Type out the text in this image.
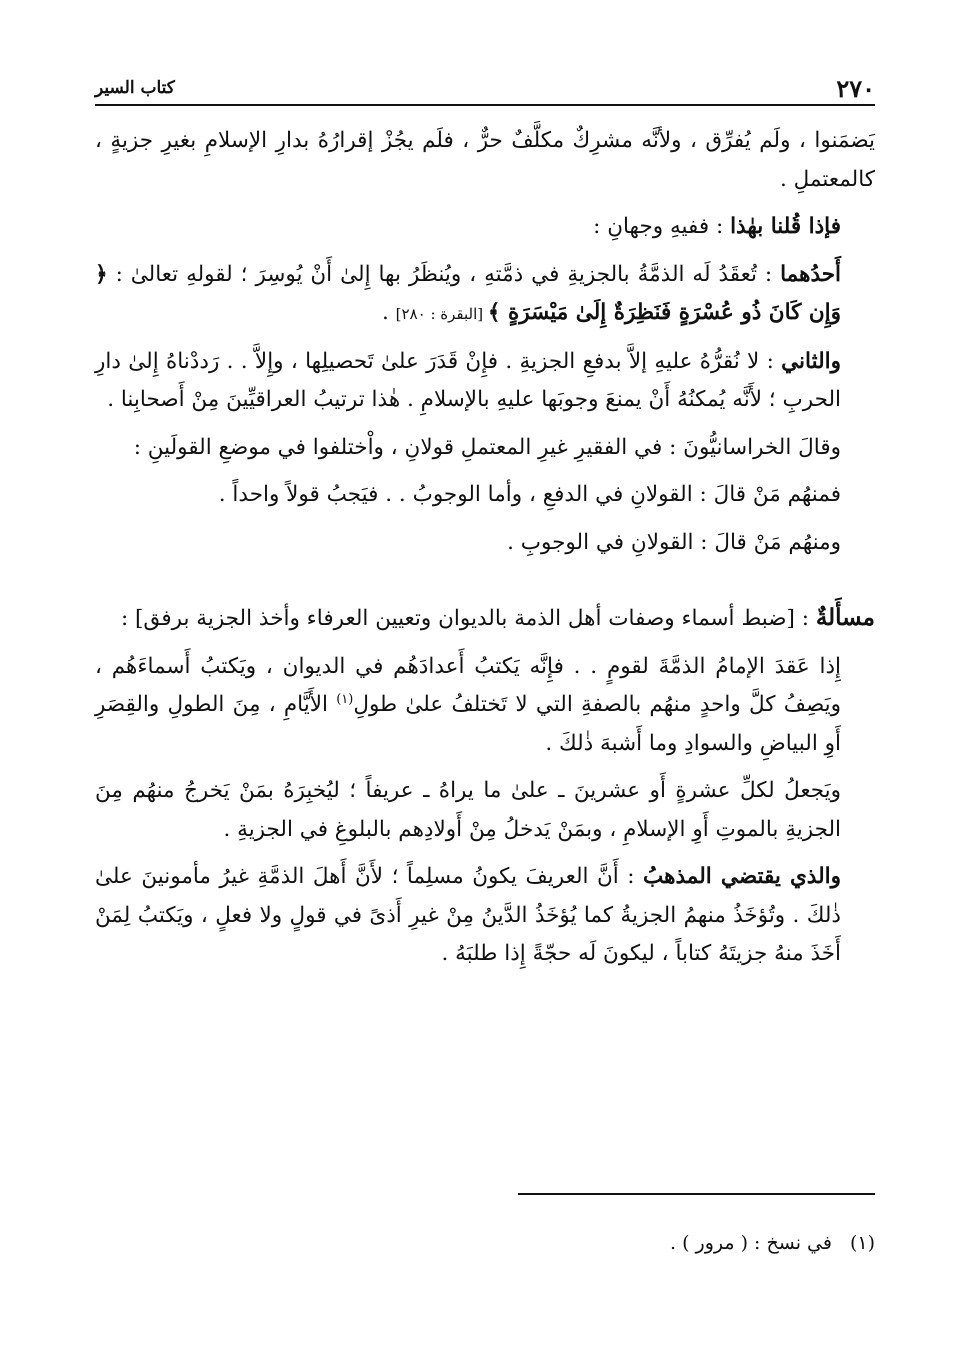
٢٧٠
كتاب السير

يَضمَنوا ، ولَم يُفرِّق ، ولأنَّه مشرِكٌ مكلَّفٌ حرٌّ ، فلَم يجُزْ إقرارُهُ بدارِ الإسلامِ بغيرِ جزيةٍ ، كالمعتملِ .

فإذا قُلنا بهٰذا : ففيهِ وجهانِ :

أَحدُهما : تُعقَدُ لَه الذمَّةُ بالجزيةِ في ذمَّتهِ ، ويُنظَرُ بها إِلىٰ أَنْ يُوسِرَ ؛ لقولهِ تعالىٰ : ﴿ وَإِن كَانَ ذُو عُسْرَةٍ فَنَظِرَةٌ إِلَىٰ مَيْسَرَةٍ ﴾ [البقرة : ٢٨٠] .

والثاني : لا نُقرُّهُ عليهِ إلاَّ بدفعِ الجزيةِ . فإِنْ قَدَرَ علىٰ تَحصيلِها ، وإِلاَّ . . رَددْناهُ إِلىٰ دارِ الحربِ ؛ لأَنَّه يُمكنُهُ أَنْ يمنعَ وجوبَها عليهِ بالإسلامِ . هٰذا ترتيبُ العراقيِّينَ مِنْ أَصحابِنا .

وقالَ الخراسانيُّونَ : في الفقيرِ غيرِ المعتملِ قولانِ ، واْختلفوا في موضعِ القولَينِ :

فمنهُم مَنْ قالَ : القولانِ في الدفعِ ، وأما الوجوبُ . . فيَجبُ قولاً واحداً .

ومنهُم مَنْ قالَ : القولانِ في الوجوبِ .

مسأَلةٌ : [ضبط أسماء وصفات أهل الذمة بالديوان وتعيين العرفاء وأخذ الجزية برفق] :

إِذا عَقدَ الإمامُ الذمَّةَ لقومٍ . . فإِنَّه يَكتبُ أَعدادَهُم في الديوان ، ويَكتبُ أَسماءَهُم ، ويَصِفُ كلَّ واحدٍ منهُم بالصفةِ التي لا تَختلفُ علىٰ طولِ$^{(١)}$ الأَيَّامِ ، مِنَ الطولِ والقِصَرِ أَوِ البياضِ والسوادِ وما أَشبهَ ذٰلكَ .

ويَجعلُ لكلِّ عشرةٍ أَو عشرينَ ـ علىٰ ما يراهُ ـ عريفاً ؛ ليُخبِرَهُ بمَنْ يَخرجُ منهُم مِنَ الجزيةِ بالموتِ أَوِ الإسلامِ ، وبمَنْ يَدخلُ مِنْ أَولادِهم بالبلوغِ في الجزيةِ .

والذي يقتضي المذهبُ : أَنَّ العريفَ يكونُ مسلِماً ؛ لأَنَّ أَهلَ الذمَّةِ غيرُ مأمونينَ علىٰ ذٰلكَ . وتُؤخَذُ منهمُ الجزيةُ كما يُؤخَذُ الدَّينُ مِنْ غيرِ أَذىً في قولٍ ولا فعلٍ ، ويَكتبُ لِمَنْ أَخَذَ منهُ جزيتَهُ كتاباً ، ليكونَ لَه حجّةً إِذا طلبَهُ .

(١)في نسخ : ( مرور ) .
